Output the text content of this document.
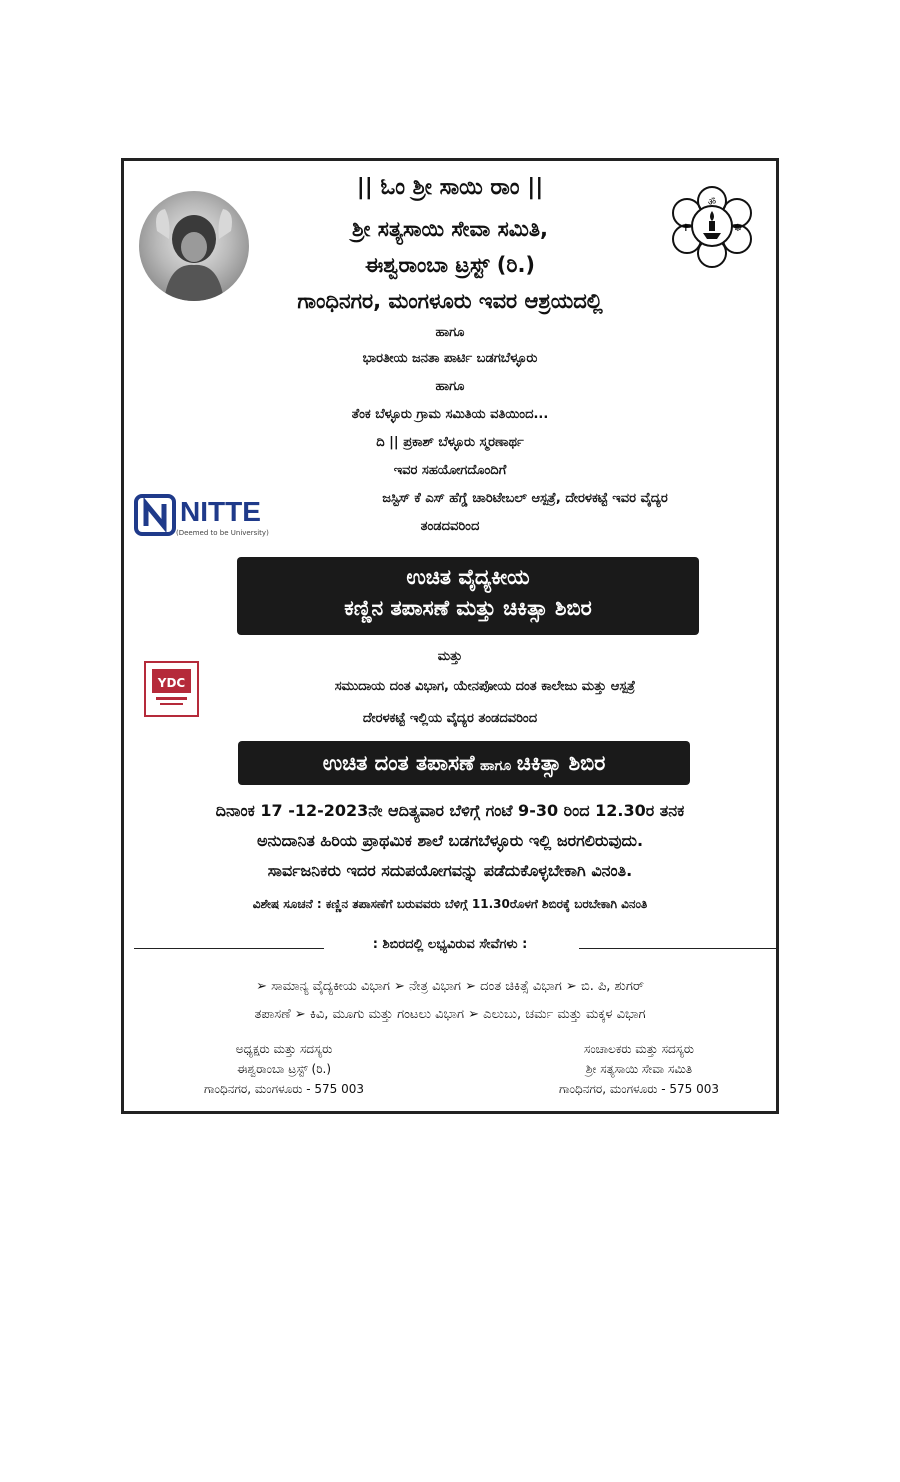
ॐ
✝	☸
|| ಓಂ ಶ್ರೀ ಸಾಯಿ ರಾಂ ||
ಶ್ರೀ ಸತ್ಯಸಾಯಿ ಸೇವಾ ಸಮಿತಿ,
ಈಶ್ವರಾಂಬಾ ಟ್ರಸ್ಟ್ (ರಿ.)
ಗಾಂಧಿನಗರ, ಮಂಗಳೂರು ಇವರ ಆಶ್ರಯದಲ್ಲಿ
ಹಾಗೂ
ಭಾರತೀಯ ಜನತಾ ಪಾರ್ಟಿ ಬಡಗಬೆಳ್ಳೂರು
ಹಾಗೂ
ತೆಂಕ ಬೆಳ್ಳೂರು ಗ್ರಾಮ ಸಮಿತಿಯ ವತಿಯಿಂದ...
ದಿ || ಪ್ರಕಾಶ್ ಬೆಳ್ಳೂರು ಸ್ಮರಣಾರ್ಥ
ಇವರ ಸಹಯೋಗದೊಂದಿಗೆ
ಜಸ್ಟಿಸ್ ಕೆ ಎಸ್ ಹೆಗ್ಡೆ ಚಾರಿಟೇಬಲ್ ಆಸ್ಪತ್ರೆ, ದೇರಳಕಟ್ಟೆ ಇವರ ವೈದ್ಯರ
ತಂಡದವರಿಂದ
NITTE
(Deemed to be University)
ಉಚಿತ ವೈದ್ಯಕೀಯ
ಕಣ್ಣಿನ ತಪಾಸಣೆ ಮತ್ತು ಚಿಕಿತ್ಸಾ ಶಿಬಿರ
ಮತ್ತು
YDC	ಸಮುದಾಯ ದಂತ ವಿಭಾಗ, ಯೇನಪೋಯ ದಂತ ಕಾಲೇಜು ಮತ್ತು ಆಸ್ಪತ್ರೆ
ದೇರಳಕಟ್ಟೆ ಇಲ್ಲಿಯ ವೈದ್ಯರ ತಂಡದವರಿಂದ
ಉಚಿತ ದಂತ ತಪಾಸಣೆ ಹಾಗೂ ಚಿಕಿತ್ಸಾ ಶಿಬಿರ
ದಿನಾಂಕ 17 -12-2023ನೇ ಆದಿತ್ಯವಾರ ಬೆಳಿಗ್ಗೆ ಗಂಟೆ 9-30 ರಿಂದ 12.30ರ ತನಕ
ಅನುದಾನಿತ ಹಿರಿಯ ಪ್ರಾಥಮಿಕ ಶಾಲೆ ಬಡಗಬೆಳ್ಳೂರು ಇಲ್ಲಿ ಜರಗಲಿರುವುದು.
ಸಾರ್ವಜನಿಕರು ಇದರ ಸದುಪಯೋಗವನ್ನು ಪಡೆದುಕೊಳ್ಳಬೇಕಾಗಿ ವಿನಂತಿ.
ವಿಶೇಷ ಸೂಚನೆ : ಕಣ್ಣಿನ ತಪಾಸಣೆಗೆ ಬರುವವರು ಬೆಳಿಗ್ಗೆ 11.30ರೊಳಗೆ ಶಿಬಿರಕ್ಕೆ ಬರಬೇಕಾಗಿ ವಿನಂತಿ
: ಶಿಬಿರದಲ್ಲಿ ಲಭ್ಯವಿರುವ ಸೇವೆಗಳು :
➢ ಸಾಮಾನ್ಯ ವೈದ್ಯಕೀಯ ವಿಭಾಗ ➢ ನೇತ್ರ ವಿಭಾಗ ➢ ದಂತ ಚಿಕಿತ್ಸೆ ವಿಭಾಗ ➢ ಬಿ. ಪಿ, ಶುಗರ್
ತಪಾಸಣೆ ➢ ಕಿವಿ, ಮೂಗು ಮತ್ತು ಗಂಟಲು ವಿಭಾಗ ➢ ಎಲುಬು, ಚರ್ಮ ಮತ್ತು ಮಕ್ಕಳ ವಿಭಾಗ
ಅಧ್ಯಕ್ಷರು ಮತ್ತು ಸದಸ್ಯರು
ಈಶ್ವರಾಂಬಾ ಟ್ರಸ್ಟ್ (ರಿ.)
ಗಾಂಧಿನಗರ, ಮಂಗಳೂರು - 575 003
ಸಂಚಾಲಕರು ಮತ್ತು ಸದಸ್ಯರು
ಶ್ರೀ ಸತ್ಯಸಾಯಿ ಸೇವಾ ಸಮಿತಿ
ಗಾಂಧಿನಗರ, ಮಂಗಳೂರು - 575 003
